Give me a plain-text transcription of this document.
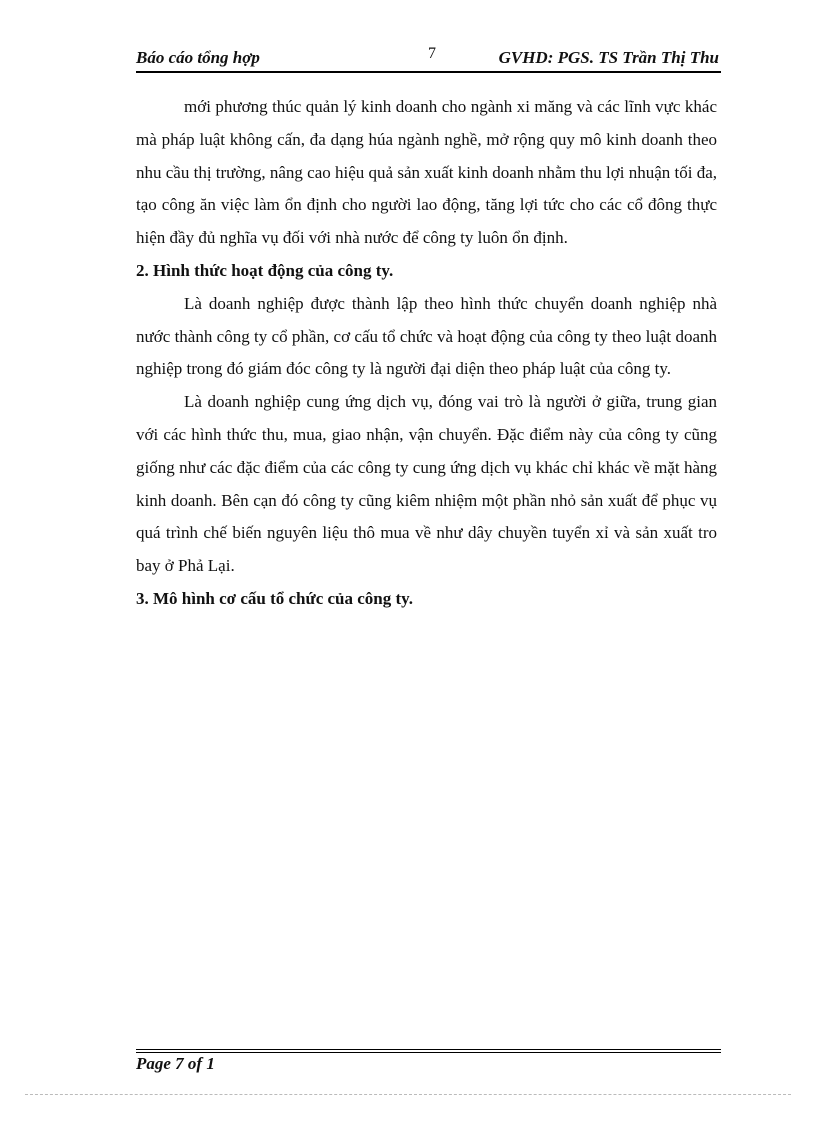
Báo cáo tổng hợp	7	GVHD: PGS. TS Trần Thị Thu

mới phương thúc quản lý kinh doanh cho ngành xi măng và các lĩnh vực khác mà pháp luật không cấn, đa dạng húa ngành nghề, mở rộng quy mô kinh doanh theo nhu cầu thị trường, nâng cao hiệu quả sản xuất kinh doanh nhằm thu lợi nhuận tối đa, tạo công ăn việc làm ổn định cho người lao động, tăng lợi tức cho các cổ đông thực hiện đầy đủ nghĩa vụ đối với nhà nước để công ty luôn ổn định.

2. Hình thức hoạt động của công ty.

Là doanh nghiệp được thành lập theo hình thức chuyển doanh nghiệp nhà nước thành công ty cổ phần, cơ cấu tổ chức và hoạt động của công ty theo luật doanh nghiệp trong đó giám đóc công ty là người đại diện theo pháp luật của công ty.

Là doanh nghiệp cung ứng dịch vụ, đóng vai trò là người ở giữa, trung gian với các hình thức thu, mua, giao nhận, vận chuyển. Đặc điểm này của công ty cũng giống như các đặc điểm của các công ty cung ứng dịch vụ khác chỉ khác về mặt hàng kinh doanh. Bên cạn đó công ty cũng kiêm nhiệm một phần nhỏ sản xuất để phục vụ quá trình chế biến nguyên liệu thô mua về như dây chuyền tuyển xỉ và sản xuất tro bay ở Phả Lại.

3. Mô hình cơ cấu tổ chức của công ty.
Page 7 of 1
